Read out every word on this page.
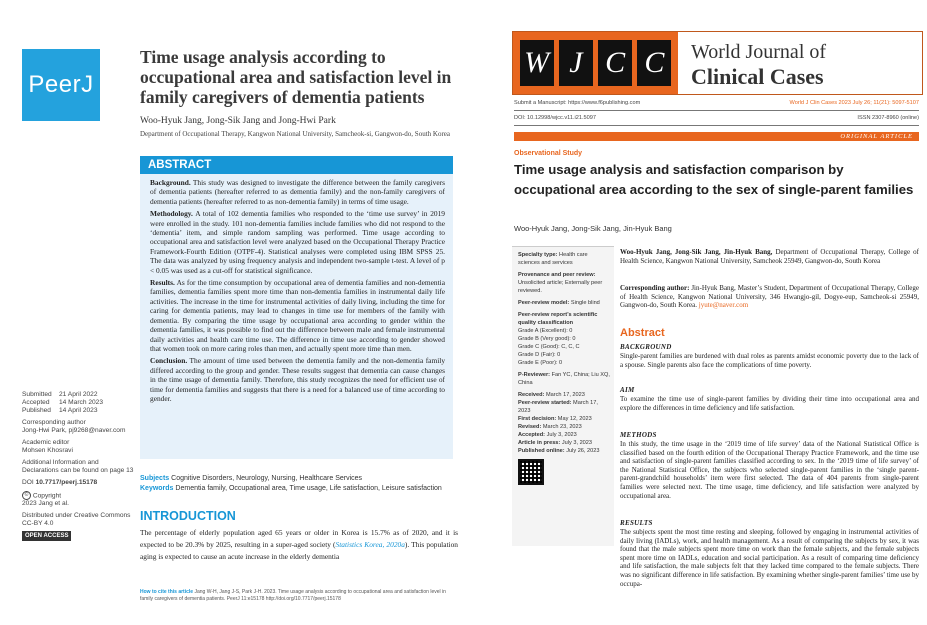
PeerJ
Time usage analysis according to occupational area and satisfaction level in family caregivers of dementia patients
Woo-Hyuk Jang, Jong-Sik Jang and Jong-Hwi Park
Department of Occupational Therapy, Kangwon National University, Samcheok-si, Gangwon-do, South Korea
ABSTRACT

Background. This study was designed to investigate the difference between the family caregivers of dementia patients (hereafter referred to as dementia family) and the non-family caregivers of dementia patients (hereafter referred to as non-dementia family) in terms of time usage.

Methodology. A total of 102 dementia families who responded to the ‘time use survey’ in 2019 were enrolled in the study. 101 non-dementia families include families who did not respond to the ‘dementia’ item, and simple random sampling was performed. Time usage according to occupational area and satisfaction level were analyzed based on the Occupational Therapy Practice Framework-Fourth Edition (OTPF-4). Statistical analyses were completed using IBM SPSS 25. The data was analyzed by using frequency analysis and independent two-sample t-test. A level of p < 0.05 was used as a cut-off for statistical significance.

Results. As for the time consumption by occupational area of dementia families and non-dementia families, dementia families spent more time than non-dementia families in instrumental daily life activities. The increase in the time for instrumental activities of daily living, including the time for caring for dementia patients, may lead to changes in time use for members of the family with dementia. By comparing the time usage by occupational area according to gender within the dementia families, it was possible to find out the difference between male and female instrumental daily activities and health care time use. The difference in time use according to gender showed that women took on more caring roles than men, and actually spent more time than men.

Conclusion. The amount of time used between the dementia family and the non-dementia family differed according to the group and gender. These results suggest that dementia can cause changes in the time usage of dementia family. Therefore, this study recognizes the need for efficient use of time for dementia families and suggests that there is a need for a balanced use of time according to gender.

Subjects Cognitive Disorders, Neurology, Nursing, Healthcare Services
Keywords Dementia family, Occupational area, Time usage, Life satisfaction, Leisure satisfaction
INTRODUCTION
The percentage of elderly population aged 65 years or older in Korea is 15.7% as of 2020, and it is expected to be 20.3% by 2025, resulting in a super-aged society (Statistics Korea, 2020a). This population aging is expected to cause an acute increase in the elderly dementia
How to cite this article Jang W-H, Jang J-S, Park J-H. 2023. Time usage analysis according to occupational area and satisfaction level in family caregivers of dementia patients. PeerJ 11:e15178 http://doi.org/10.7717/peerj.15178
Submitted	21 April 2022
Accepted	14 March 2023
Published	14 April 2023
Corresponding author
Jong-Hwi Park, pj9268@naver.com
Academic editor
Mohsen Khosravi
Additional Information and Declarations can be found on page 13
DOI 10.7717/peerj.15178
© Copyright
2023 Jang et al.
Distributed under Creative Commons CC-BY 4.0
OPEN ACCESS
W J C C	World Journal of
Clinical Cases
Submit a Manuscript: https://www.f6publishing.com	World J Clin Cases 2023 July 26; 11(21): 5097-5107
DOI: 10.12998/wjcc.v11.i21.5097	ISSN 2307-8960 (online)
ORIGINAL ARTICLE
Observational Study
Time usage analysis and satisfaction comparison by occupational area according to the sex of single-parent families
Woo-Hyuk Jang, Jong-Sik Jang, Jin-Hyuk Bang
Specialty type: Health care sciences and services
Provenance and peer review:
Unsolicited article; Externally peer reviewed.
Peer-review model: Single blind
Peer-review report’s scientific quality classification
Grade A (Excellent): 0
Grade B (Very good): 0
Grade C (Good): C, C, C
Grade D (Fair): 0
Grade E (Poor): 0
P-Reviewer: Fan YC, China; Liu XQ, China
Received: March 17, 2023
Peer-review started: March 17, 2023
First decision: May 12, 2023
Revised: March 23, 2023
Accepted: July 3, 2023
Article in press: July 3, 2023
Published online: July 26, 2023
Woo-Hyuk Jang, Jong-Sik Jang, Jin-Hyuk Bang, Department of Occupational Therapy, College of Health Science, Kangwon National University, Samcheok 25949, Gangwon-do, South Korea
Corresponding author: Jin-Hyuk Bang, Master’s Student, Department of Occupational Therapy, College of Health Science, Kangwon National University, 346 Hwangjo-gil, Dogye-eup, Samcheok-si 25949, Gangwon-do, South Korea. jyute@naver.com
Abstract
BACKGROUND
Single-parent families are burdened with dual roles as parents amidst economic poverty due to the lack of a spouse. Single parents also face the complications of time poverty.
AIM
To examine the time use of single-parent families by dividing their time into occupational area and explore the differences in time deficiency and life satisfaction.
METHODS
In this study, the time usage in the ‘2019 time of life survey’ data of the National Statistical Office is classified based on the fourth edition of the Occupational Therapy Practice Framework, and the time use and satisfaction of single-parent families classified according to sex. In the ‘2019 time of life survey’ of the National Statistical Office, the subjects who selected single-parent families in the ‘single parent-parent-grandchild households’ item were first selected. The data of 404 parents from single-parent families were selected next. The time usage, time deficiency, and life satisfaction were analyzed by occupational area.
RESULTS
The subjects spent the most time resting and sleeping, followed by engaging in instrumental activities of daily living (IADLs), work, and health management. As a result of comparing the subjects by sex, it was found that the male subjects spent more time on work than the female subjects, and the female subjects spent more time on IADLs, education and social participation. As a result of comparing time deficiency and life satisfaction, the male subjects felt that they lacked time compared to the female subjects. There was no significant difference in life satisfaction. By examining whether single-parent families’ time use by occupa-
